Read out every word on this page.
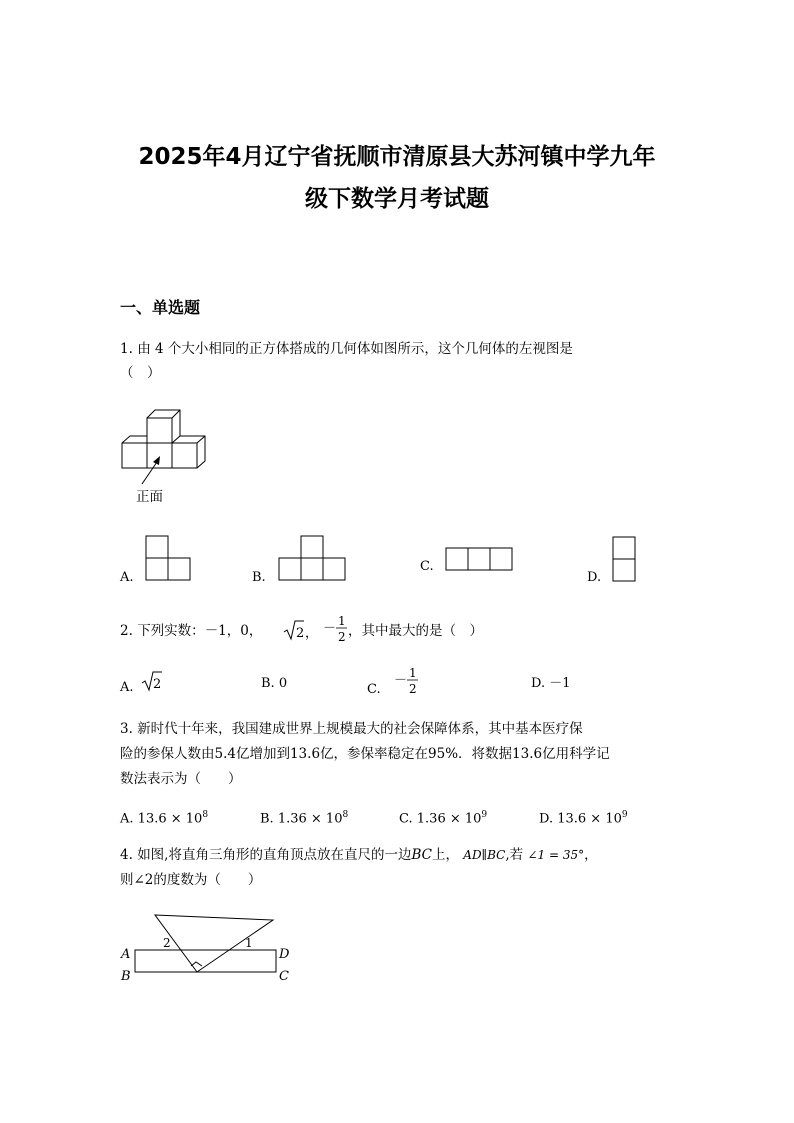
2025年4月辽宁省抚顺市清原县大苏河镇中学九年
级下数学月考试题
一、单选题
1. 由 4 个大小相同的正方体搭成的几何体如图所示，这个几何体的左视图是
（　）
正面
A.	B.
C.
D.
2. 下列实数：－1，0，	2 ， － 1
2 ，其中最大的是（　）
A. 2	B. 0	C.
－ 1
2	D. －1
3. 新时代十年来，我国建成世界上规模最大的社会保障体系，其中基本医疗保
险的参保人数由5.4亿增加到13.6亿，参保率稳定在95%．将数据13.6亿用科学记
数法表示为（　　）
A. $13.6 \times 10^8$	B. $1.36 \times 10^8$	C. $1.36 \times 10^9$	D. $13.6 \times 10^9$
4. 如图,将直角三角形的直角顶点放在直尺的一边BC上， AD∥BC,若 ∠1 = 35°，
则∠2的度数为（　　）
A
B
D
C
2	1
